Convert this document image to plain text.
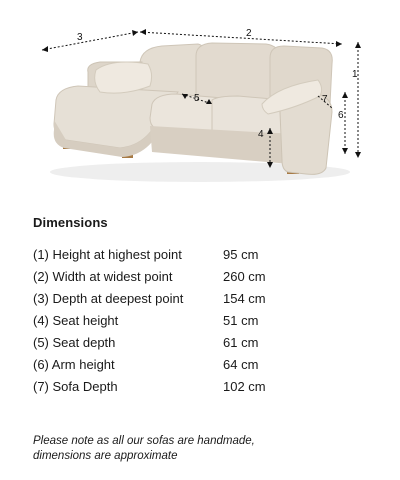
1
2
3
4
5
6
7
Dimensions
(1) Height at highest point	95 cm
(2) Width at widest point	260 cm
(3) Depth at deepest point	154 cm
(4) Seat height	51 cm
(5) Seat depth	61 cm
(6) Arm height	64 cm
(7) Sofa Depth	102 cm
Please note as all our sofas are handmade,
dimensions are approximate
